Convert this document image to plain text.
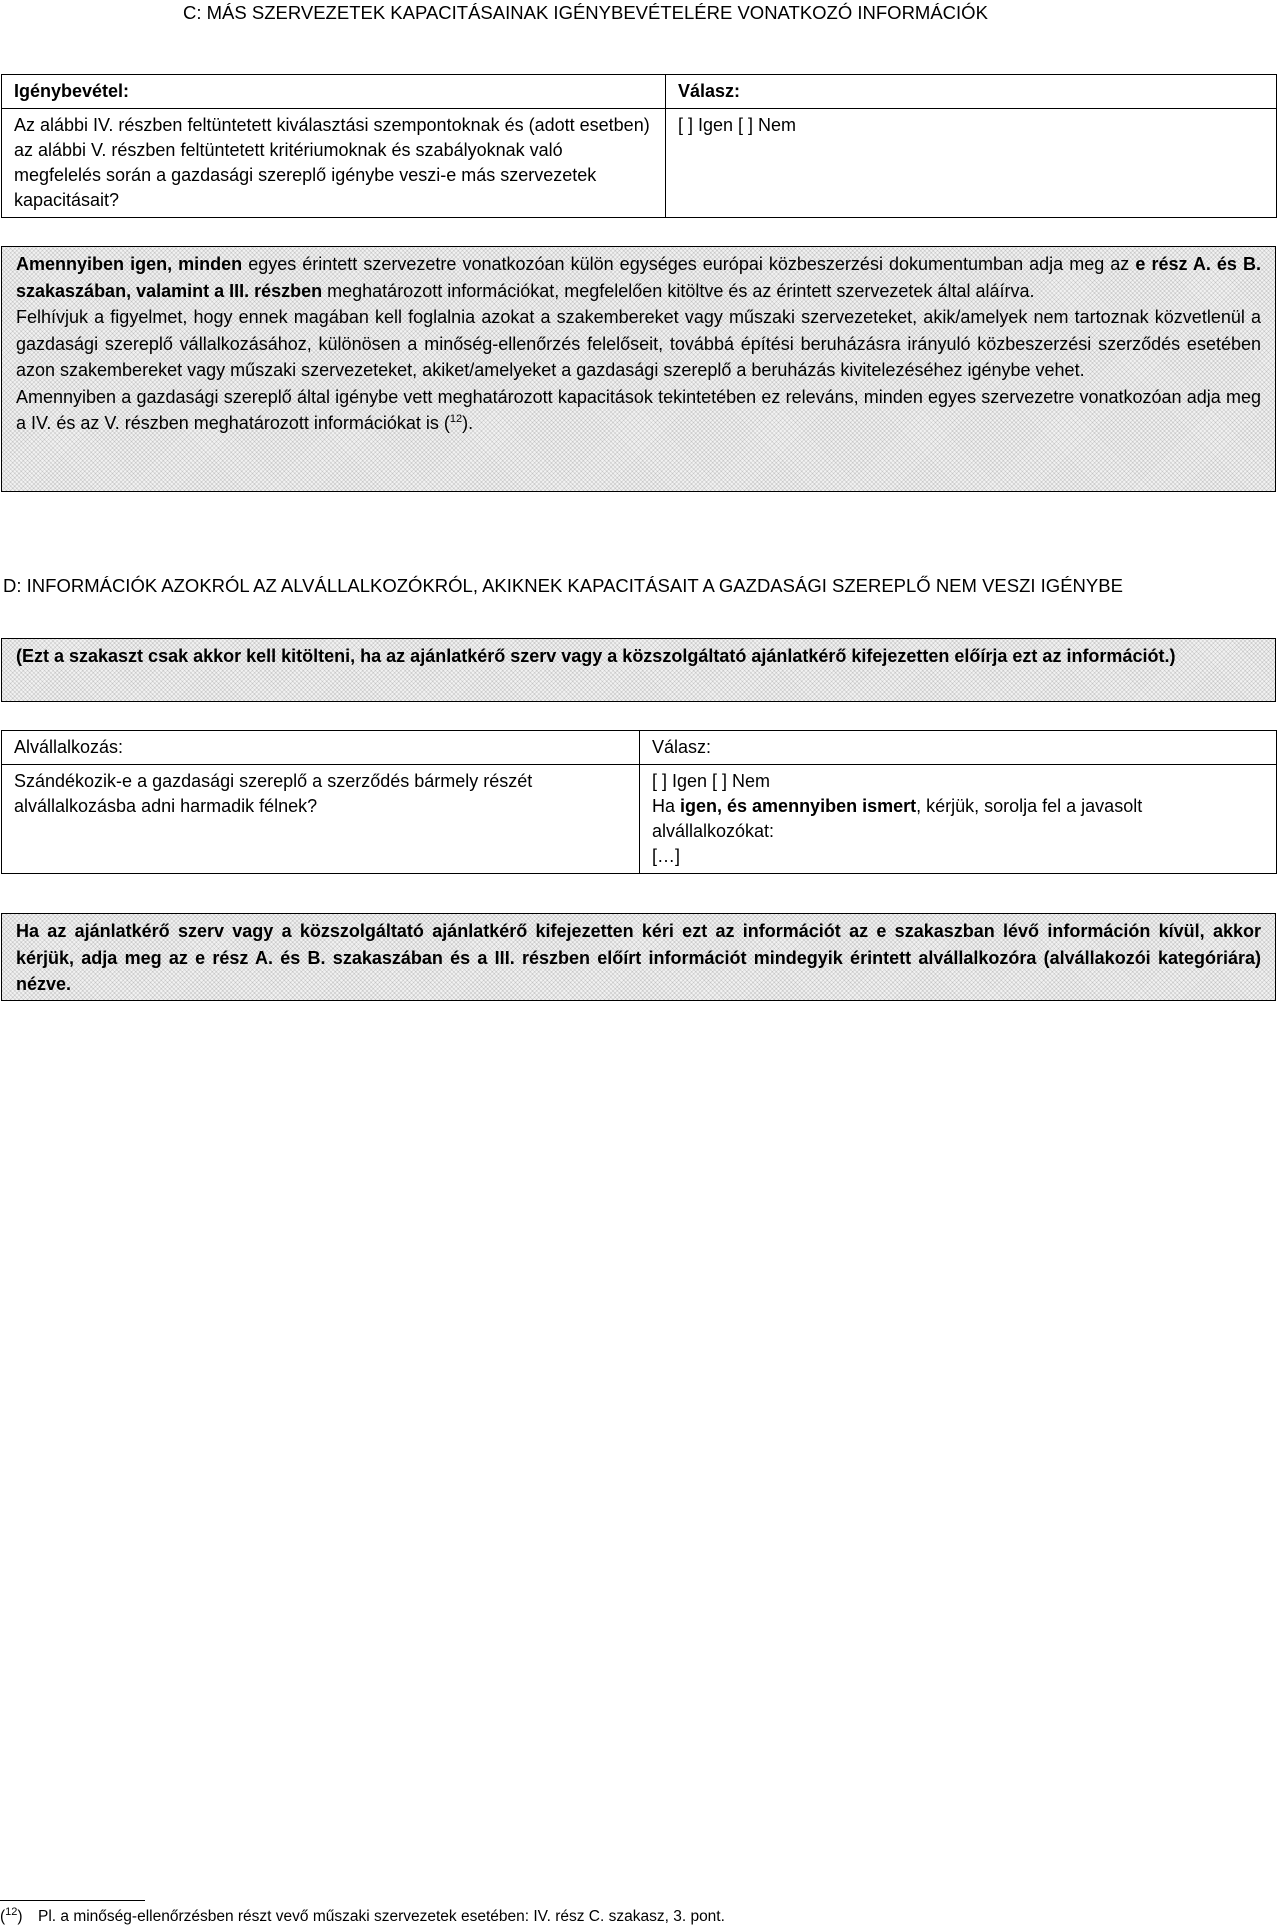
C: MÁS SZERVEZETEK KAPACITÁSAINAK IGÉNYBEVÉTELÉRE VONATKOZÓ INFORMÁCIÓK
Igénybevétel:	Válasz:
Az alábbi IV. részben feltüntetett kiválasztási szempontoknak és (adott esetben) az alábbi V. részben feltüntetett kritériumoknak és szabályoknak való megfelelés során a gazdasági szereplő igénybe veszi-e más szervezetek kapacitásait?	[ ] Igen [ ] Nem

Amennyiben igen, minden egyes érintett szervezetre vonatkozóan külön egységes európai közbeszerzési dokumentumban adja meg az e rész A. és B. szakaszában, valamint a III. részben meghatározott információkat, megfelelően kitöltve és az érintett szervezetek által aláírva.

Felhívjuk a figyelmet, hogy ennek magában kell foglalnia azokat a szakembereket vagy műszaki szervezeteket, akik/amelyek nem tartoznak közvetlenül a gazdasági szereplő vállalkozásához, különösen a minőség-ellenőrzés felelőseit, továbbá építési beruházásra irányuló közbeszerzési szerződés esetében azon szakembereket vagy műszaki szervezeteket, akiket/amelyeket a gazdasági szereplő a beruházás kivitelezéséhez igénybe vehet.

Amennyiben a gazdasági szereplő által igénybe vett meghatározott kapacitások tekintetében ez releváns, minden egyes szervezetre vonatkozóan adja meg a IV. és az V. részben meghatározott információkat is ($^{12}$).

D: INFORMÁCIÓK AZOKRÓL AZ ALVÁLLALKOZÓKRÓL, AKIKNEK KAPACITÁSAIT A GAZDASÁGI SZEREPLŐ NEM VESZI IGÉNYBE

(Ezt a szakaszt csak akkor kell kitölteni, ha az ajánlatkérő szerv vagy a közszolgáltató ajánlatkérő kifejezetten előírja ezt az információt.)

Alvállalkozás:	Válasz:
Szándékozik-e a gazdasági szereplő a szerződés bármely részét alvállalkozásba adni harmadik félnek?	[ ] Igen [ ] Nem
Ha igen, és amennyiben ismert, kérjük, sorolja fel a javasolt alvállalkozókat:
[…]

Ha az ajánlatkérő szerv vagy a közszolgáltató ajánlatkérő kifejezetten kéri ezt az információt az e szakaszban lévő információn kívül, akkor kérjük, adja meg az e rész A. és B. szakaszában és a III. részben előírt információt mindegyik érintett alvállalkozóra (alvállakozói kategóriára) nézve.

($^{12}$) Pl. a minőség-ellenőrzésben részt vevő műszaki szervezetek esetében: IV. rész C. szakasz, 3. pont.
